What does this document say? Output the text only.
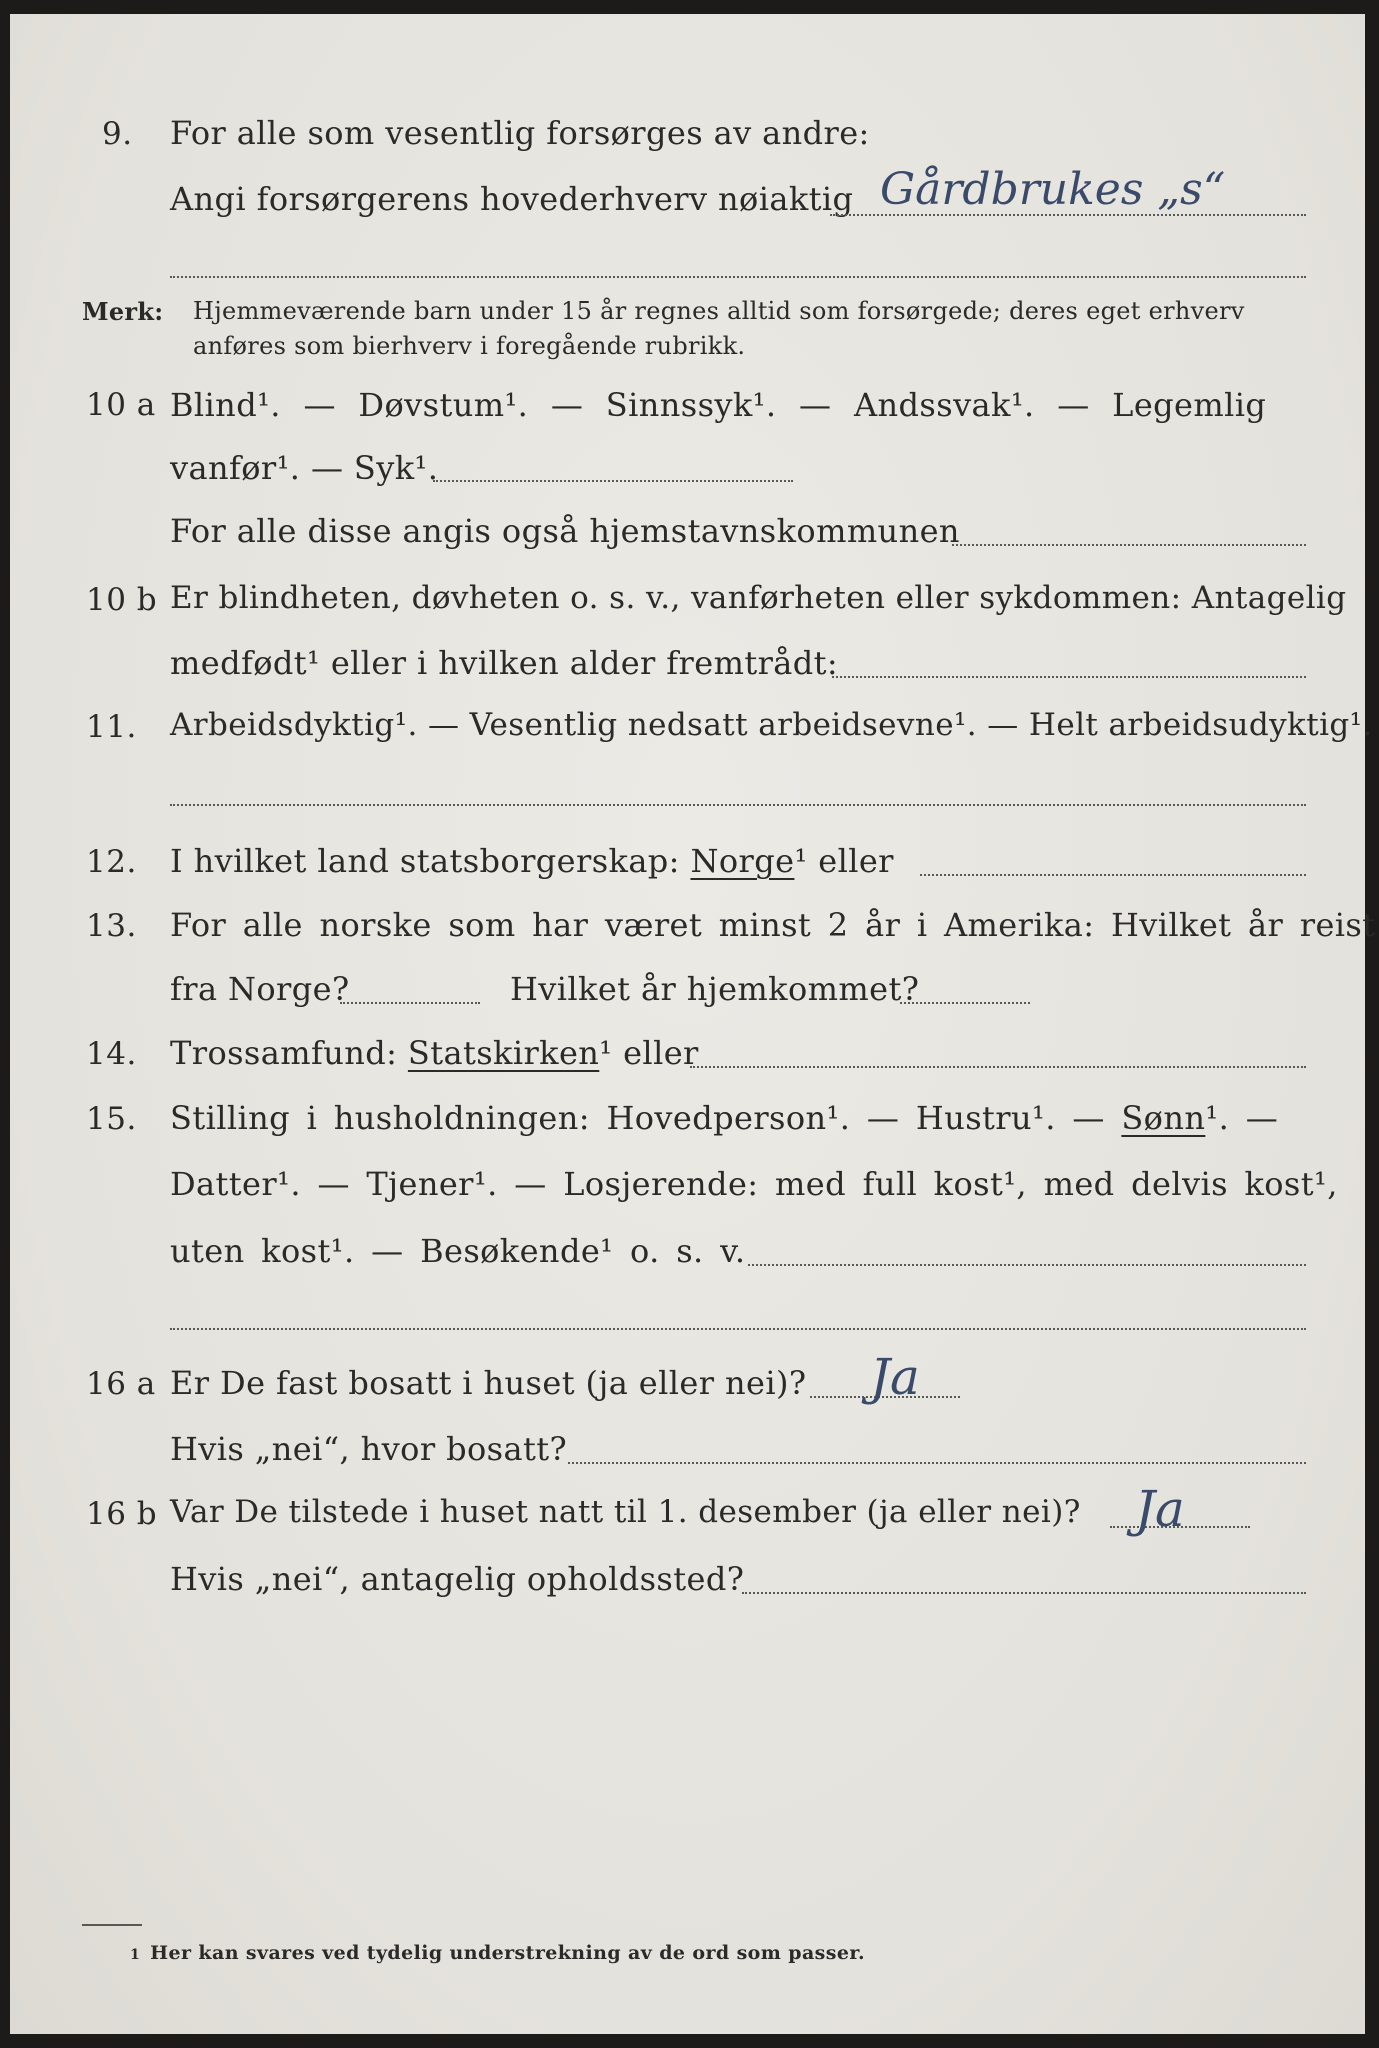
9. For alle som vesentlig forsørges av andre:
Angi forsørgerens hovederhverv nøiaktig Gårdbrukes „s“
Merk: Hjemmeværende barn under 15 år regnes alltid som forsørgede; deres eget erhverv
anføres som bierhverv i foregående rubrikk.
10 a Blind¹. — Døvstum¹. — Sinnssyk¹. — Andssvak¹. — Legemlig
vanfør¹. — Syk¹.
For alle disse angis også hjemstavnskommunen
10 b Er blindheten, døvheten o. s. v., vanførheten eller sykdommen: Antagelig
medfødt¹ eller i hvilken alder fremtrådt:
11. Arbeidsdyktig¹. — Vesentlig nedsatt arbeidsevne¹. — Helt arbeidsudyktig¹.
12. I hvilket land statsborgerskap: Norge¹ eller
13. For alle norske som har været minst 2 år i Amerika: Hvilket år reist
fra Norge?	Hvilket år hjemkommet?
14. Trossamfund: Statskirken¹ eller
15. Stilling i husholdningen: Hovedperson¹. — Hustru¹. — Sønn¹. —
Datter¹. — Tjener¹. — Losjerende: med full kost¹, med delvis kost¹,
uten kost¹. — Besøkende¹ o. s. v.
16 a Er De fast bosatt i huset (ja eller nei)? Ja
Hvis „nei“, hvor bosatt?
16 b Var De tilstede i huset natt til 1. desember (ja eller nei)? Ja
Hvis „nei“, antagelig opholdssted?
1 Her kan svares ved tydelig understrekning av de ord som passer.
